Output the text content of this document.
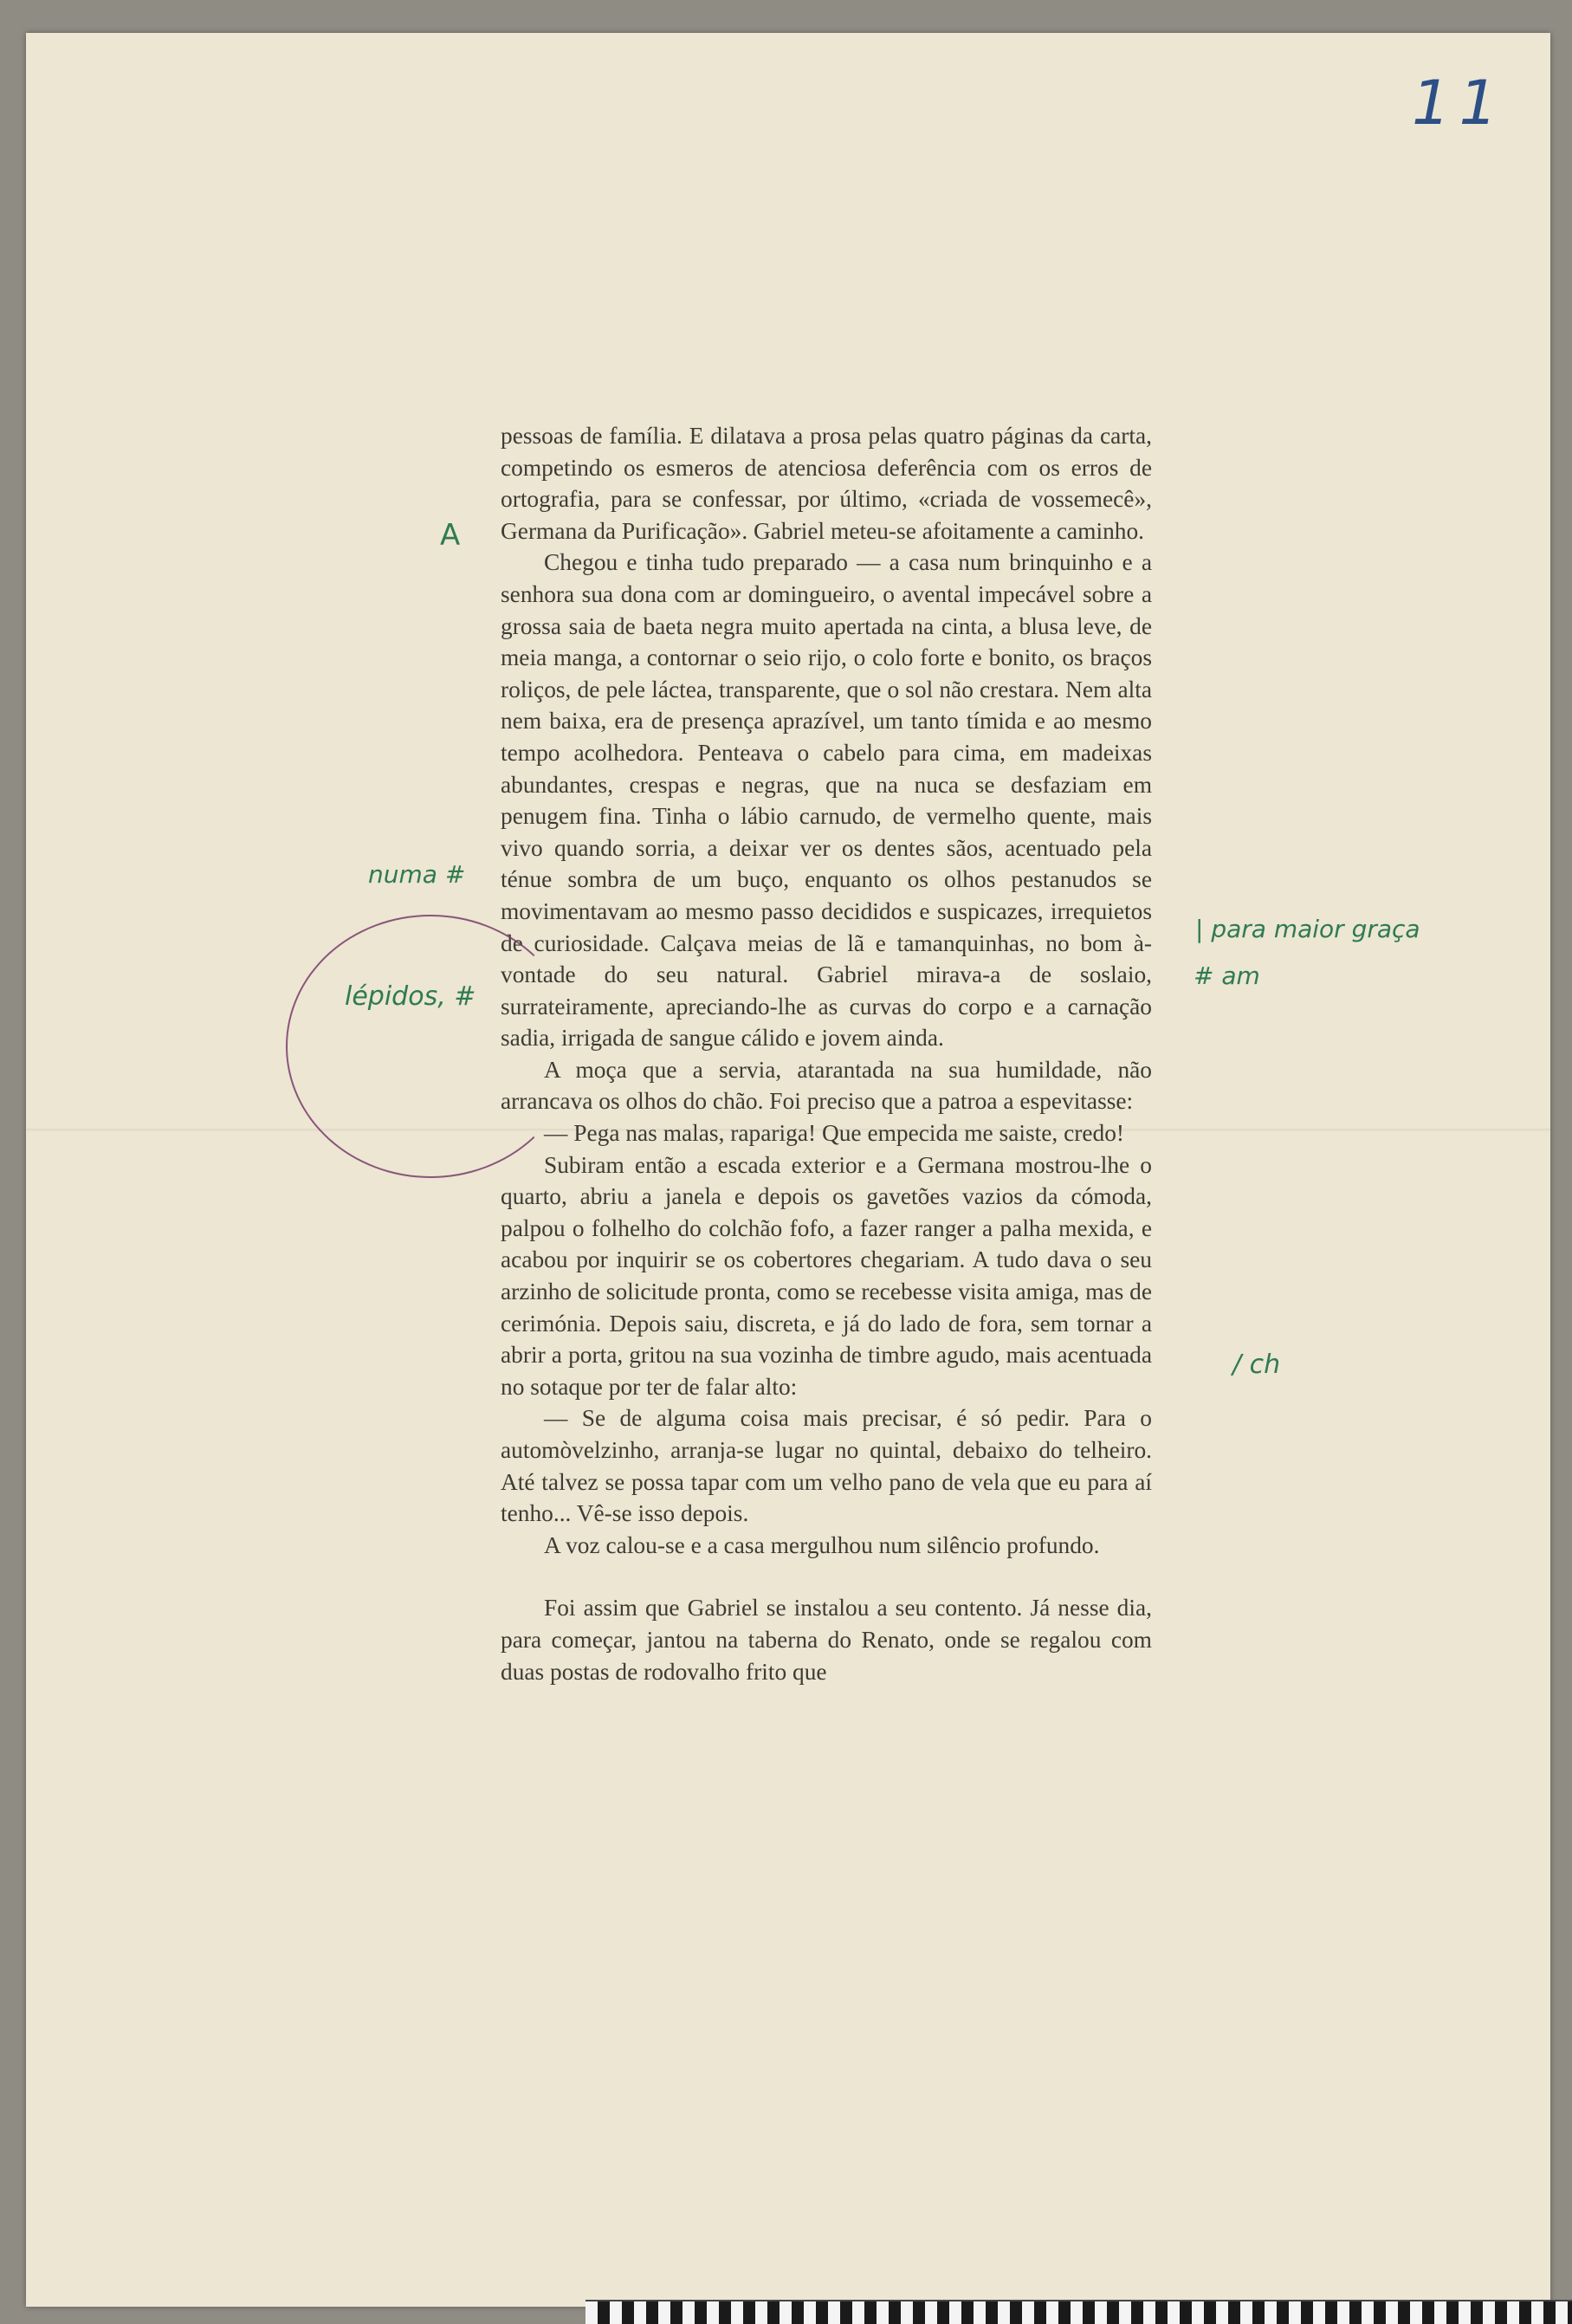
11

pessoas de família. E dilatava a prosa pelas quatro páginas da carta, competindo os esmeros de atenciosa deferência com os erros de ortografia, para se confessar, por último, «criada de vossemecê», Germana da Purificação». Gabriel meteu-se afoitamente a caminho.

Chegou e tinha tudo preparado — a casa num brinquinho e a senhora sua dona com ar domingueiro, o avental impecável sobre a grossa saia de baeta negra muito apertada na cinta, a blusa leve, de meia manga, a contornar o seio rijo, o colo forte e bonito, os braços roliços, de pele láctea, transparente, que o sol não crestara. Nem alta nem baixa, era de presença aprazível, um tanto tímida e ao mesmo tempo acolhedora. Penteava o cabelo para cima, em madeixas abundantes, crespas e negras, que na nuca se desfaziam em penugem fina. Tinha o lábio carnudo, de vermelho quente, mais vivo quando sorria, a deixar ver os dentes sãos, acentuado pela ténue sombra de um buço, enquanto os olhos pestanudos se movimentavam ao mesmo passo decididos e suspicazes, irrequietos de curiosidade. Calçava meias de lã e tamanquinhas, no bom à-vontade do seu natural. Gabriel mirava-a de soslaio, surrateiramente, apreciando-lhe as curvas do corpo e a carnação sadia, irrigada de sangue cálido e jovem ainda.

A moça que a servia, atarantada na sua humildade, não arrancava os olhos do chão. Foi preciso que a patroa a espevitasse:

— Pega nas malas, rapariga! Que empecida me saiste, credo!

Subiram então a escada exterior e a Germana mostrou-lhe o quarto, abriu a janela e depois os gavetões vazios da cómoda, palpou o folhelho do colchão fofo, a fazer ranger a palha mexida, e acabou por inquirir se os cobertores chegariam. A tudo dava o seu arzinho de solicitude pronta, como se recebesse visita amiga, mas de cerimónia. Depois saiu, discreta, e já do lado de fora, sem tornar a abrir a porta, gritou na sua vozinha de timbre agudo, mais acentuada no sotaque por ter de falar alto:

— Se de alguma coisa mais precisar, é só pedir. Para o automòvelzinho, arranja-se lugar no quintal, debaixo do telheiro. Até talvez se possa tapar com um velho pano de vela que eu para aí tenho... Vê-se isso depois.

A voz calou-se e a casa mergulhou num silêncio profundo.

Foi assim que Gabriel se instalou a seu contento. Já nesse dia, para começar, jantou na taberna do Renato, onde se regalou com duas postas de rodovalho frito que

A
numa #
lépidos, #
| para maior graça
# am
/ ch
